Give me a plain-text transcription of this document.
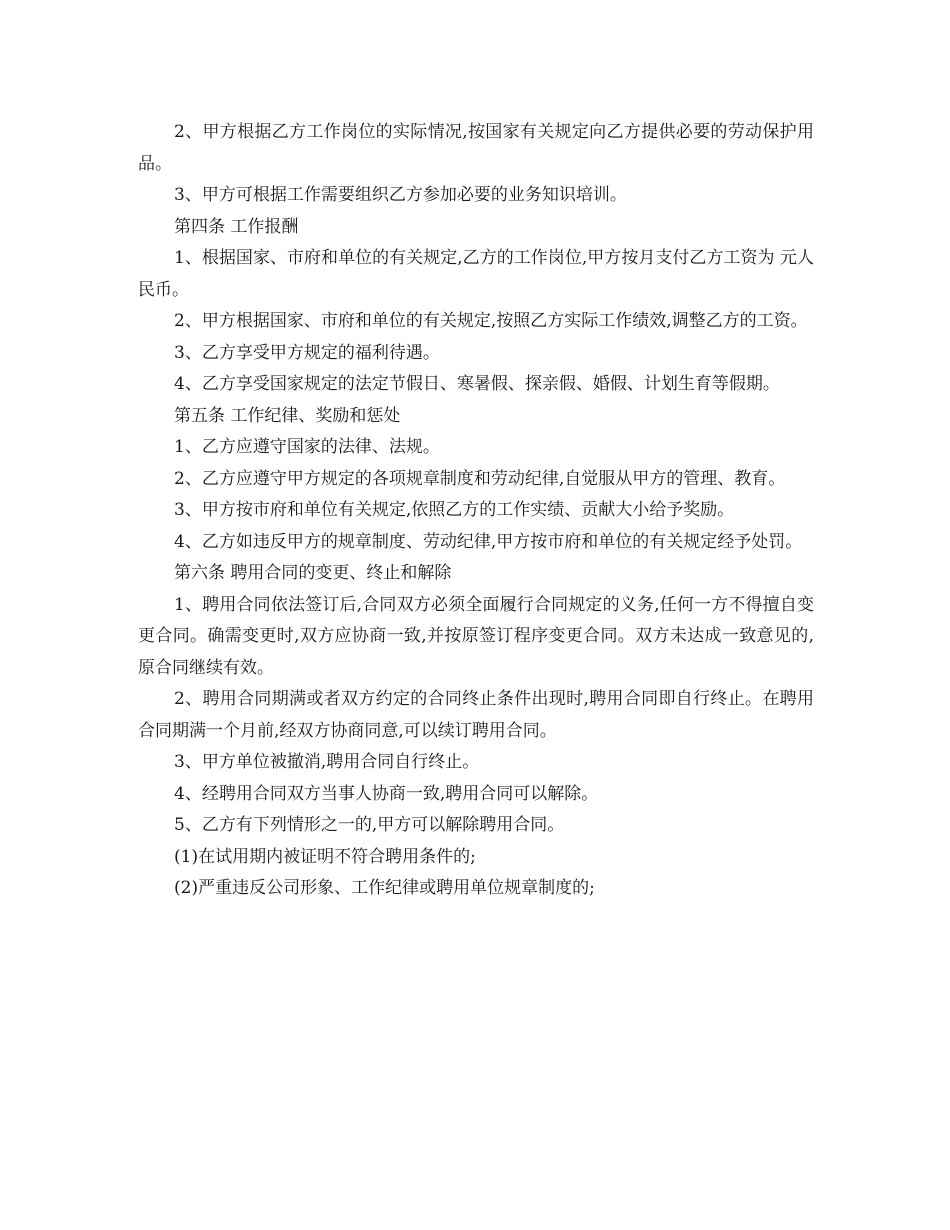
2、甲方根据乙方工作岗位的实际情况,按国家有关规定向乙方提供必要的劳动保护用品。

3、甲方可根据工作需要组织乙方参加必要的业务知识培训。

第四条 工作报酬

1、根据国家、市府和单位的有关规定,乙方的工作岗位,甲方按月支付乙方工资为 元人民币。

2、甲方根据国家、市府和单位的有关规定,按照乙方实际工作绩效,调整乙方的工资。

3、乙方享受甲方规定的福利待遇。

4、乙方享受国家规定的法定节假日、寒暑假、探亲假、婚假、计划生育等假期。

第五条 工作纪律、奖励和惩处

1、乙方应遵守国家的法律、法规。

2、乙方应遵守甲方规定的各项规章制度和劳动纪律,自觉服从甲方的管理、教育。

3、甲方按市府和单位有关规定,依照乙方的工作实绩、贡献大小给予奖励。

4、乙方如违反甲方的规章制度、劳动纪律,甲方按市府和单位的有关规定经予处罚。

第六条 聘用合同的变更、终止和解除

1、聘用合同依法签订后,合同双方必须全面履行合同规定的义务,任何一方不得擅自变更合同。确需变更时,双方应协商一致,并按原签订程序变更合同。双方未达成一致意见的,原合同继续有效。

2、聘用合同期满或者双方约定的合同终止条件出现时,聘用合同即自行终止。在聘用合同期满一个月前,经双方协商同意,可以续订聘用合同。

3、甲方单位被撤消,聘用合同自行终止。

4、经聘用合同双方当事人协商一致,聘用合同可以解除。

5、乙方有下列情形之一的,甲方可以解除聘用合同。

(1)在试用期内被证明不符合聘用条件的;

(2)严重违反公司形象、工作纪律或聘用单位规章制度的;
